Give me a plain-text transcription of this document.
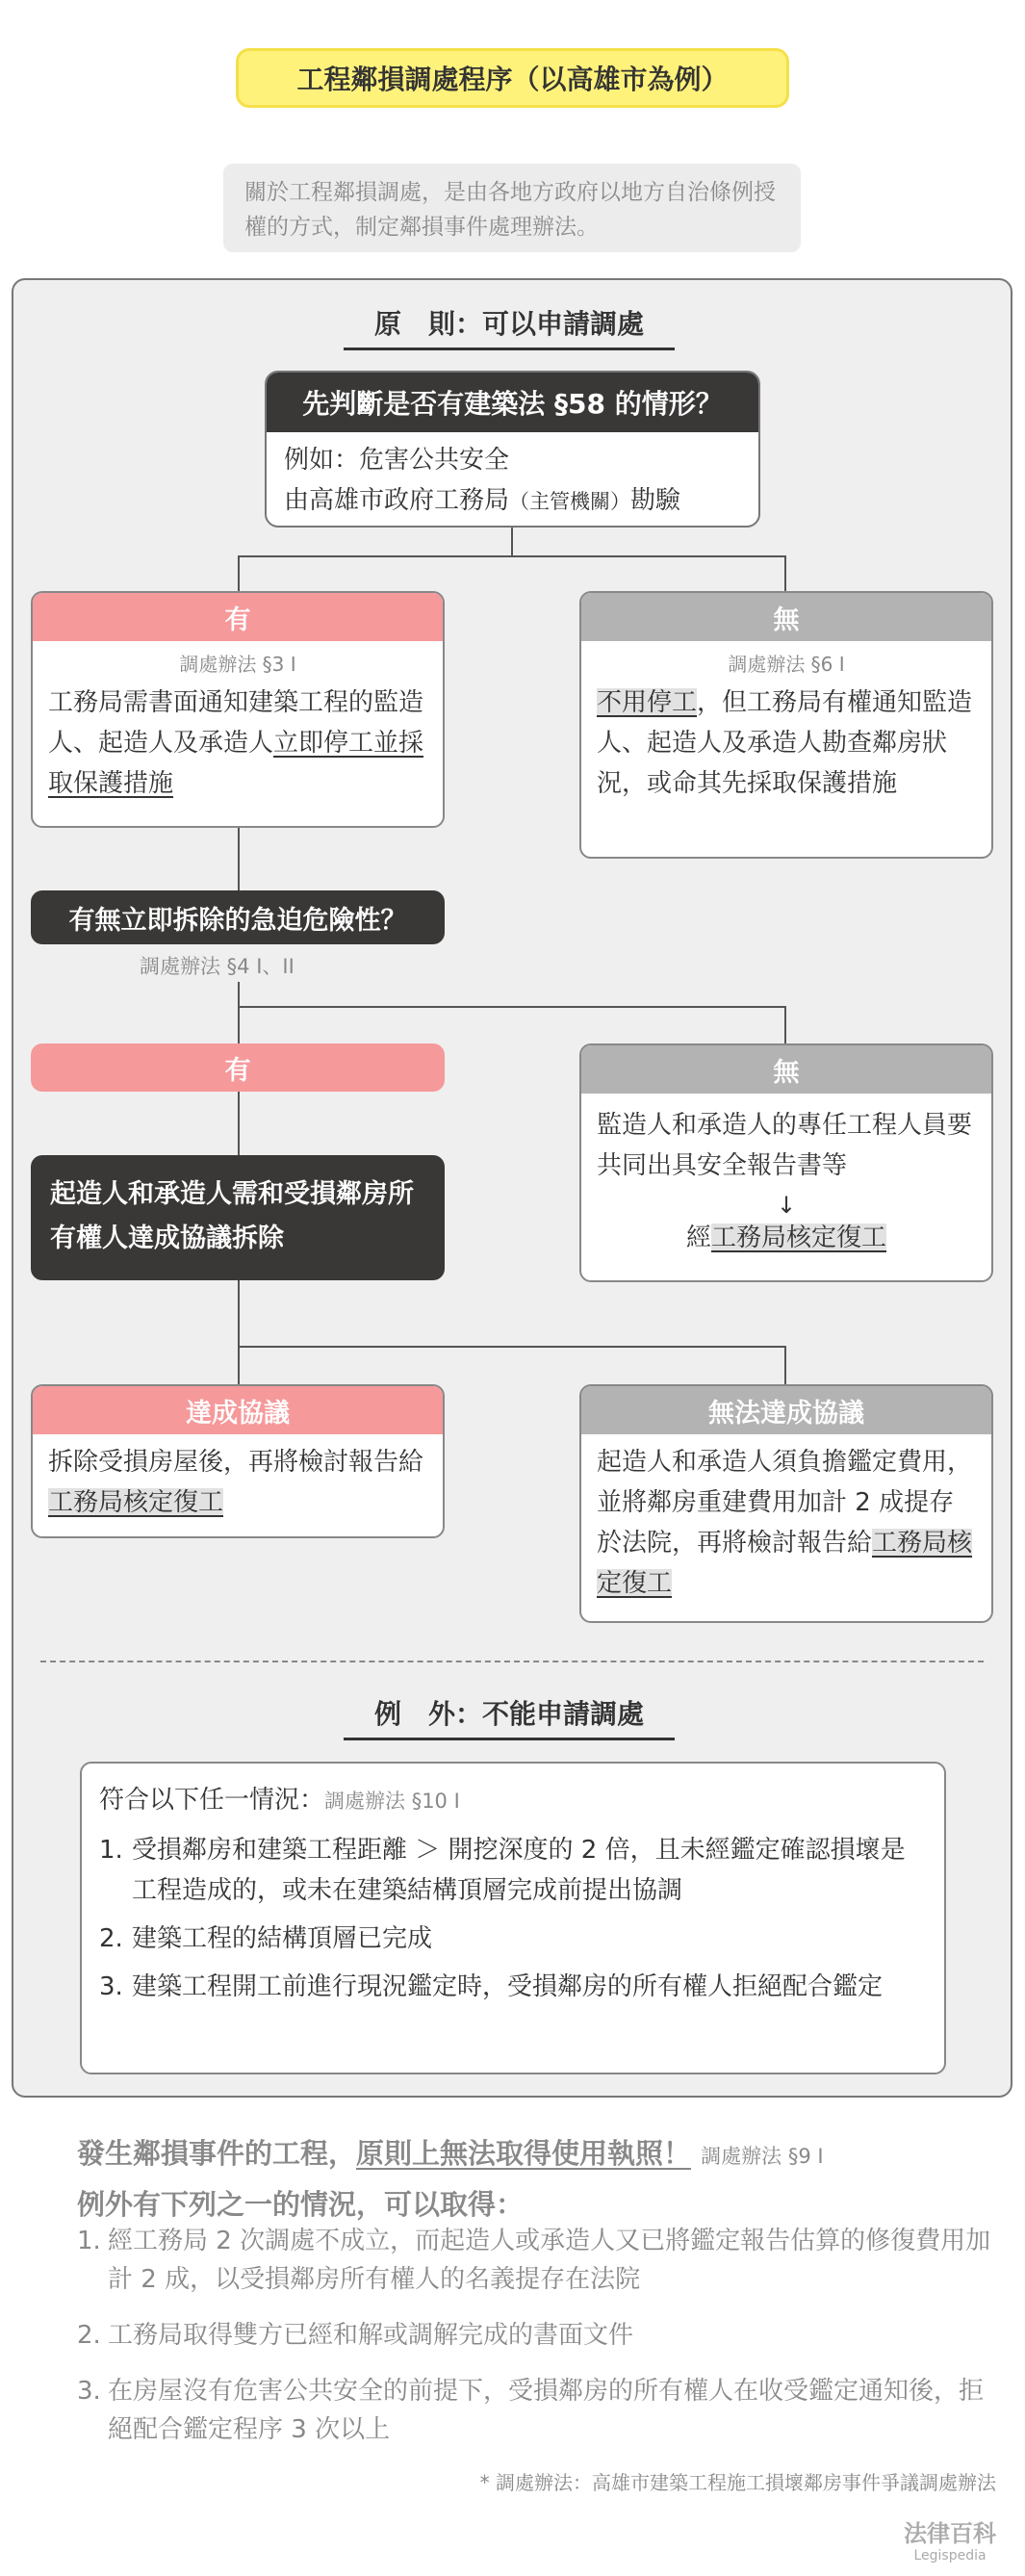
工程鄰損調處程序（以高雄市為例）
關於工程鄰損調處，是由各地方政府以地方自治條例授權的方式，制定鄰損事件處理辦法。
原　則：可以申請調處
先判斷是否有建築法 §58 的情形？
例如：危害公共安全
由高雄市政府工務局（主管機關）勘驗
有
調處辦法 §3 I
工務局需書面通知建築工程的監造人、起造人及承造人立即停工並採取保護措施
無
調處辦法 §6 I
不用停工，但工務局有權通知監造人、起造人及承造人勘查鄰房狀況，或命其先採取保護措施
有無立即拆除的急迫危險性？
調處辦法 §4 I、II
有
起造人和承造人需和受損鄰房所有權人達成協議拆除
無
監造人和承造人的專任工程人員要共同出具安全報告書等
↓
經工務局核定復工
達成協議
拆除受損房屋後，再將檢討報告給工務局核定復工
無法達成協議
起造人和承造人須負擔鑑定費用，並將鄰房重建費用加計 2 成提存於法院，再將檢討報告給工務局核定復工
例　外：不能申請調處
符合以下任一情況：調處辦法 §10 I
1. 受損鄰房和建築工程距離 ＞ 開挖深度的 2 倍，且未經鑑定確認損壞是工程造成的，或未在建築結構頂層完成前提出協調
2. 建築工程的結構頂層已完成
3. 建築工程開工前進行現況鑑定時，受損鄰房的所有權人拒絕配合鑑定
發生鄰損事件的工程，原則上無法取得使用執照！ 調處辦法 §9 I
例外有下列之一的情況，可以取得：
1. 經工務局 2 次調處不成立，而起造人或承造人又已將鑑定報告估算的修復費用加計 2 成，以受損鄰房所有權人的名義提存在法院
2. 工務局取得雙方已經和解或調解完成的書面文件
3. 在房屋沒有危害公共安全的前提下，受損鄰房的所有權人在收受鑑定通知後，拒絕配合鑑定程序 3 次以上
* 調處辦法：高雄市建築工程施工損壞鄰房事件爭議調處辦法
法律百科
Legispedia
